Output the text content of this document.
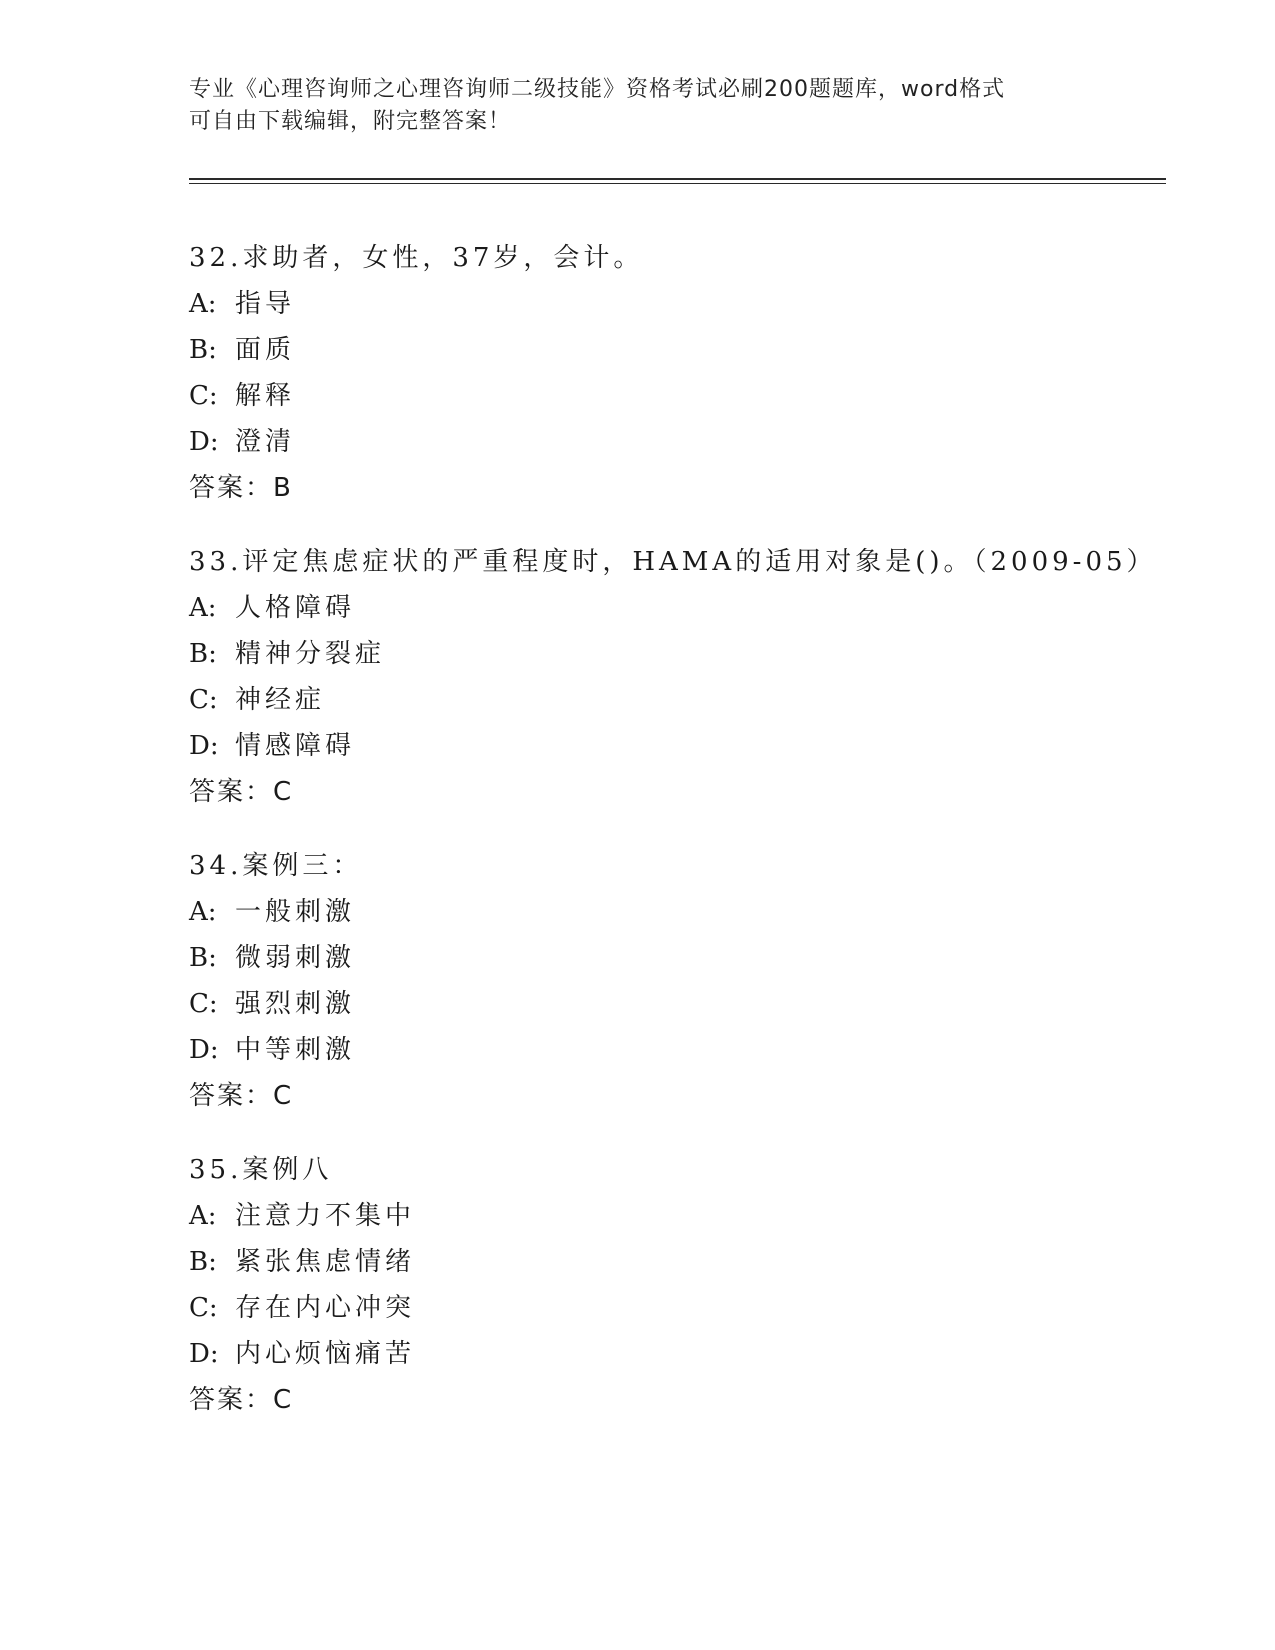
专业《心理咨询师之心理咨询师二级技能》资格考试必刷200题题库，word格式
可自由下载编辑，附完整答案！
32.求助者，女性，37岁，会计。
A: 指导
B: 面质
C: 解释
D: 澄清
答案：B
33.评定焦虑症状的严重程度时，HAMA的适用对象是()。（2009-05）
A: 人格障碍
B: 精神分裂症
C: 神经症
D: 情感障碍
答案：C
34.案例三：
A: 一般刺激
B: 微弱刺激
C: 强烈刺激
D: 中等刺激
答案：C
35.案例八
A: 注意力不集中
B: 紧张焦虑情绪
C: 存在内心冲突
D: 内心烦恼痛苦
答案：C
